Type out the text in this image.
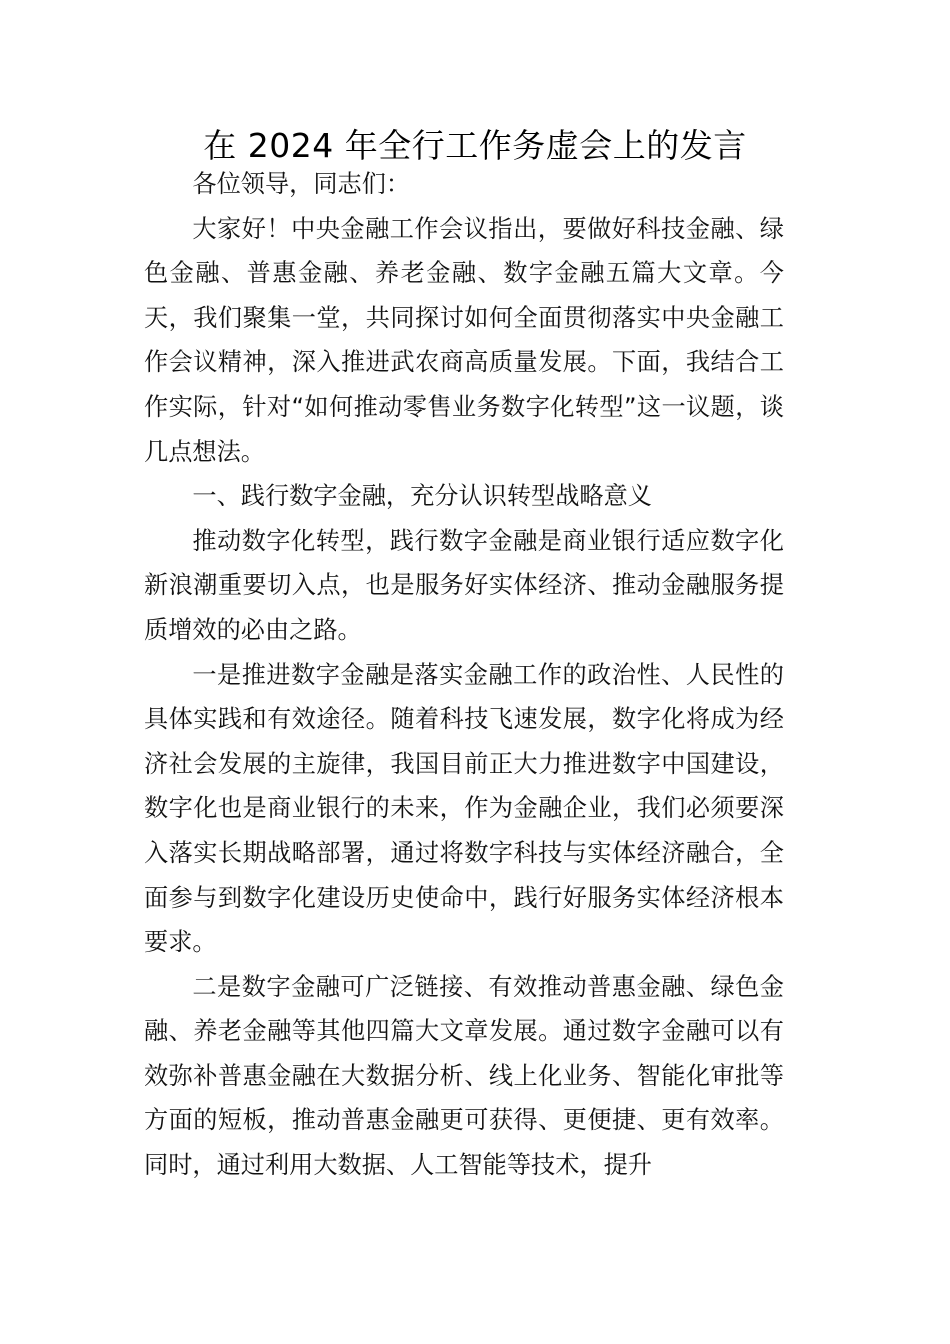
在 2024 年全行工作务虚会上的发言

各位领导，同志们：

大家好！中央金融工作会议指出，要做好科技金融、绿色金融、普惠金融、养老金融、数字金融五篇大文章。今天，我们聚集一堂，共同探讨如何全面贯彻落实中央金融工作会议精神，深入推进武农商高质量发展。下面，我结合工作实际，针对“如何推动零售业务数字化转型”这一议题，谈几点想法。

一、践行数字金融，充分认识转型战略意义

推动数字化转型，践行数字金融是商业银行适应数字化新浪潮重要切入点，也是服务好实体经济、推动金融服务提质增效的必由之路。

一是推进数字金融是落实金融工作的政治性、人民性的具体实践和有效途径。随着科技飞速发展，数字化将成为经济社会发展的主旋律，我国目前正大力推进数字中国建设，数字化也是商业银行的未来，作为金融企业，我们必须要深入落实长期战略部署，通过将数字科技与实体经济融合，全面参与到数字化建设历史使命中，践行好服务实体经济根本要求。

二是数字金融可广泛链接、有效推动普惠金融、绿色金融、养老金融等其他四篇大文章发展。通过数字金融可以有效弥补普惠金融在大数据分析、线上化业务、智能化审批等方面的短板，推动普惠金融更可获得、更便捷、更有效率。同时，通过利用大数据、人工智能等技术，提升
